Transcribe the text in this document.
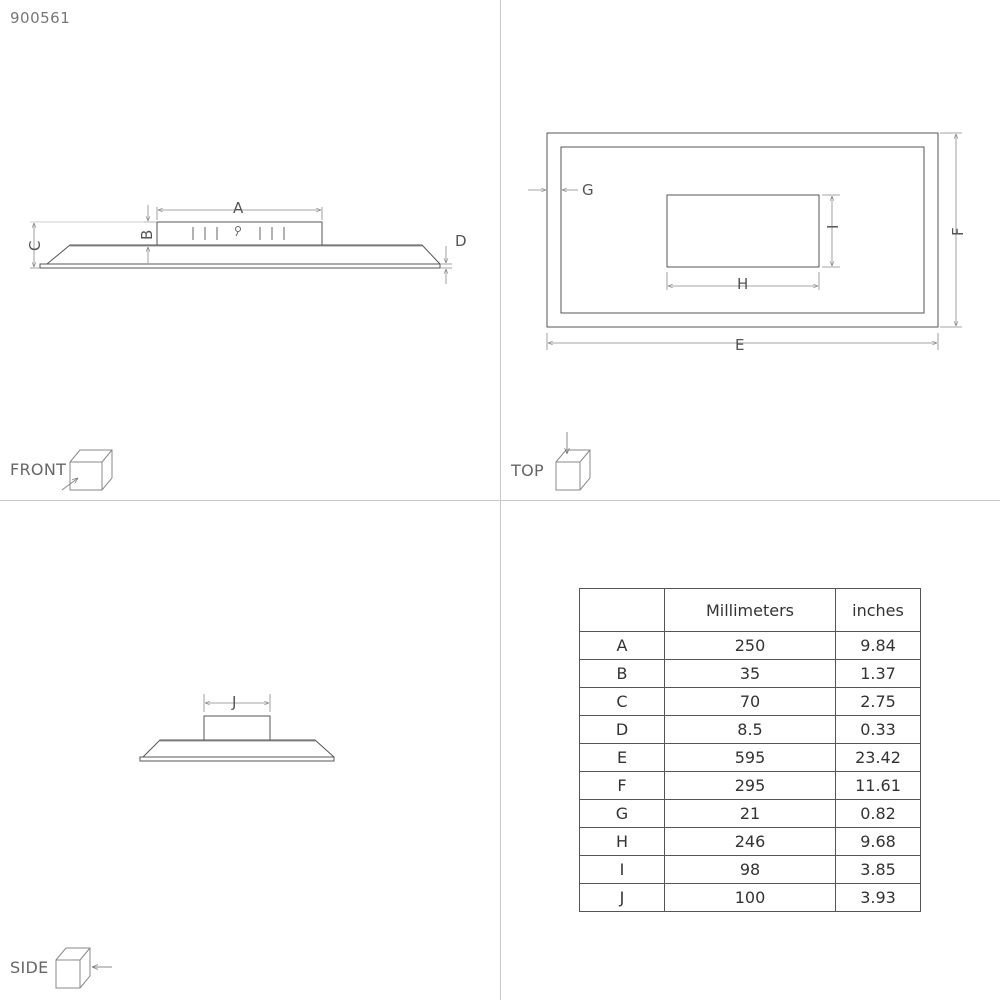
900561
A
B
C	D
FRONT
E
F
G
H
I
TOP
J
SIDE
	Millimeters	inches
A	250	9.84
B	35	1.37
C	70	2.75
D	8.5	0.33
E	595	23.42
F	295	11.61
G	21	0.82
H	246	9.68
I	98	3.85
J	100	3.93
